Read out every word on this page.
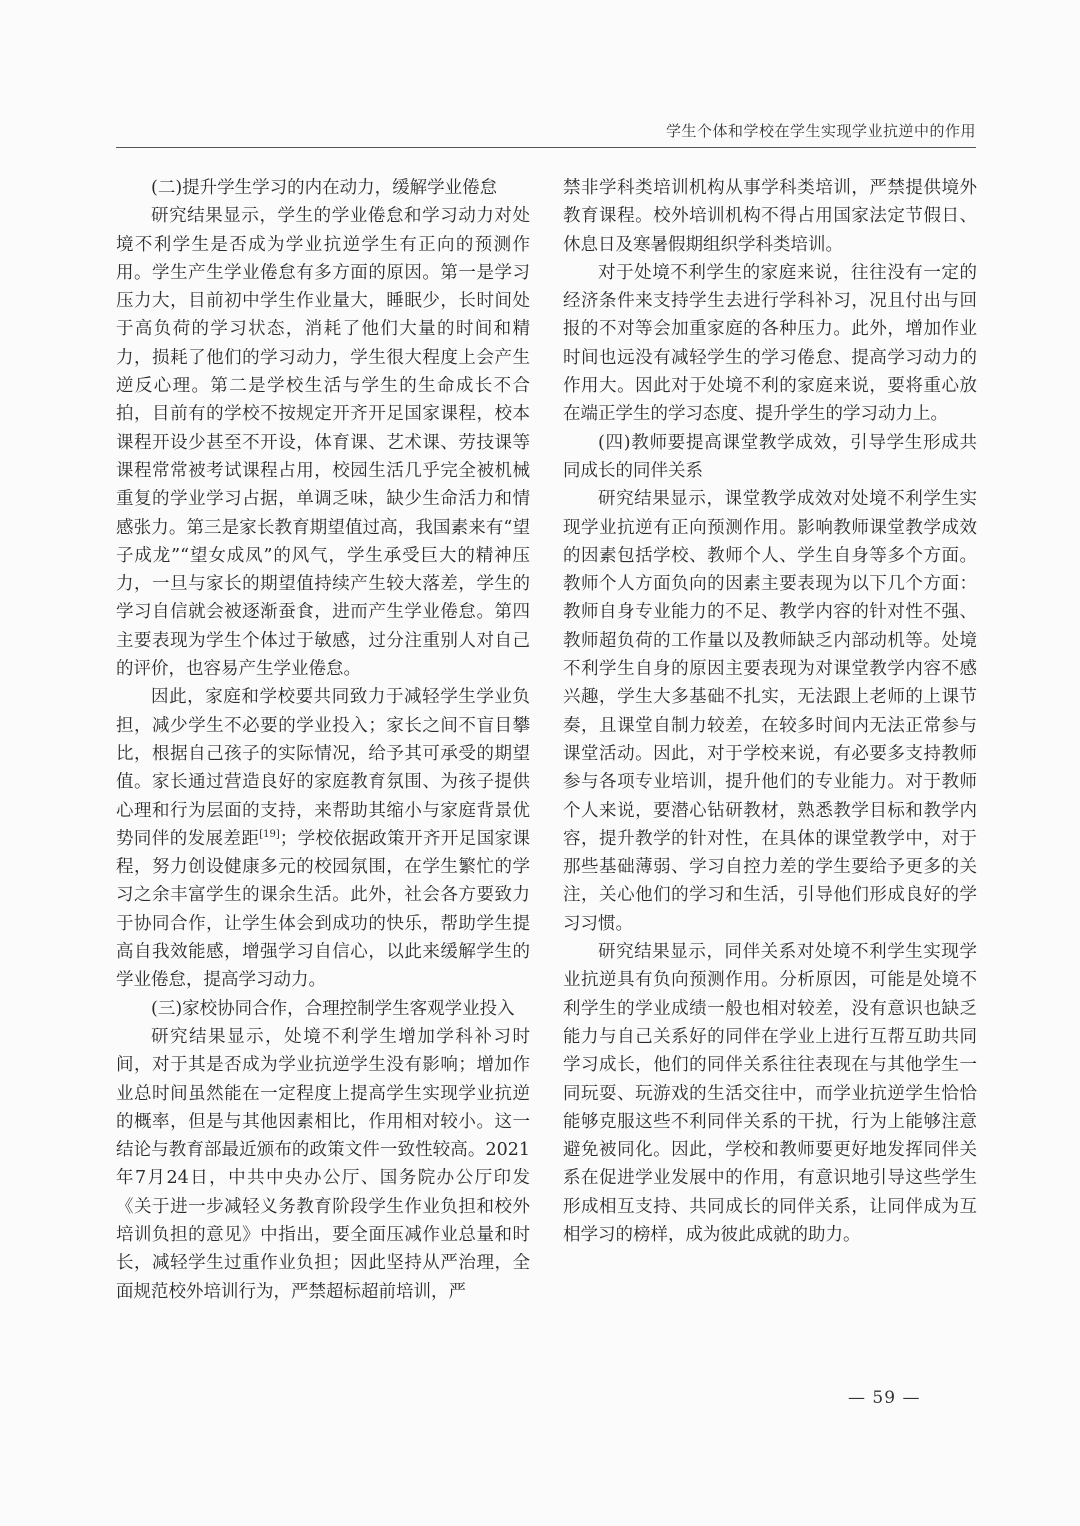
学生个体和学校在学生实现学业抗逆中的作用

(二)提升学生学习的内在动力，缓解学业倦怠

研究结果显示，学生的学业倦怠和学习动力对处境不利学生是否成为学业抗逆学生有正向的预测作用。学生产生学业倦怠有多方面的原因。第一是学习压力大，目前初中学生作业量大，睡眠少，长时间处于高负荷的学习状态，消耗了他们大量的时间和精力，损耗了他们的学习动力，学生很大程度上会产生逆反心理。第二是学校生活与学生的生命成长不合拍，目前有的学校不按规定开齐开足国家课程，校本课程开设少甚至不开设，体育课、艺术课、劳技课等课程常常被考试课程占用，校园生活几乎完全被机械重复的学业学习占据，单调乏味，缺少生命活力和情感张力。第三是家长教育期望值过高，我国素来有“望子成龙”“望女成凤”的风气，学生承受巨大的精神压力，一旦与家长的期望值持续产生较大落差，学生的学习自信就会被逐渐蚕食，进而产生学业倦怠。第四主要表现为学生个体过于敏感，过分注重别人对自己的评价，也容易产生学业倦怠。

因此，家庭和学校要共同致力于减轻学生学业负担，减少学生不必要的学业投入；家长之间不盲目攀比，根据自己孩子的实际情况，给予其可承受的期望值。家长通过营造良好的家庭教育氛围、为孩子提供心理和行为层面的支持，来帮助其缩小与家庭背景优势同伴的发展差距[19]；学校依据政策开齐开足国家课程，努力创设健康多元的校园氛围，在学生繁忙的学习之余丰富学生的课余生活。此外，社会各方要致力于协同合作，让学生体会到成功的快乐，帮助学生提高自我效能感，增强学习自信心，以此来缓解学生的学业倦怠，提高学习动力。

(三)家校协同合作，合理控制学生客观学业投入

研究结果显示，处境不利学生增加学科补习时间，对于其是否成为学业抗逆学生没有影响；增加作业总时间虽然能在一定程度上提高学生实现学业抗逆的概率，但是与其他因素相比，作用相对较小。这一结论与教育部最近颁布的政策文件一致性较高。2021年7月24日，中共中央办公厅、国务院办公厅印发《关于进一步减轻义务教育阶段学生作业负担和校外培训负担的意见》中指出，要全面压减作业总量和时长，减轻学生过重作业负担；因此坚持从严治理，全面规范校外培训行为，严禁超标超前培训，严

禁非学科类培训机构从事学科类培训，严禁提供境外教育课程。校外培训机构不得占用国家法定节假日、休息日及寒暑假期组织学科类培训。

对于处境不利学生的家庭来说，往往没有一定的经济条件来支持学生去进行学科补习，况且付出与回报的不对等会加重家庭的各种压力。此外，增加作业时间也远没有减轻学生的学习倦怠、提高学习动力的作用大。因此对于处境不利的家庭来说，要将重心放在端正学生的学习态度、提升学生的学习动力上。

(四)教师要提高课堂教学成效，引导学生形成共同成长的同伴关系

研究结果显示，课堂教学成效对处境不利学生实现学业抗逆有正向预测作用。影响教师课堂教学成效的因素包括学校、教师个人、学生自身等多个方面。教师个人方面负向的因素主要表现为以下几个方面：教师自身专业能力的不足、教学内容的针对性不强、教师超负荷的工作量以及教师缺乏内部动机等。处境不利学生自身的原因主要表现为对课堂教学内容不感兴趣，学生大多基础不扎实，无法跟上老师的上课节奏，且课堂自制力较差，在较多时间内无法正常参与课堂活动。因此，对于学校来说，有必要多支持教师参与各项专业培训，提升他们的专业能力。对于教师个人来说，要潜心钻研教材，熟悉教学目标和教学内容，提升教学的针对性，在具体的课堂教学中，对于那些基础薄弱、学习自控力差的学生要给予更多的关注，关心他们的学习和生活，引导他们形成良好的学习习惯。

研究结果显示，同伴关系对处境不利学生实现学业抗逆具有负向预测作用。分析原因，可能是处境不利学生的学业成绩一般也相对较差，没有意识也缺乏能力与自己关系好的同伴在学业上进行互帮互助共同学习成长，他们的同伴关系往往表现在与其他学生一同玩耍、玩游戏的生活交往中，而学业抗逆学生恰恰能够克服这些不利同伴关系的干扰，行为上能够注意避免被同化。因此，学校和教师要更好地发挥同伴关系在促进学业发展中的作用，有意识地引导这些学生形成相互支持、共同成长的同伴关系，让同伴成为互相学习的榜样，成为彼此成就的助力。

— 59 —
